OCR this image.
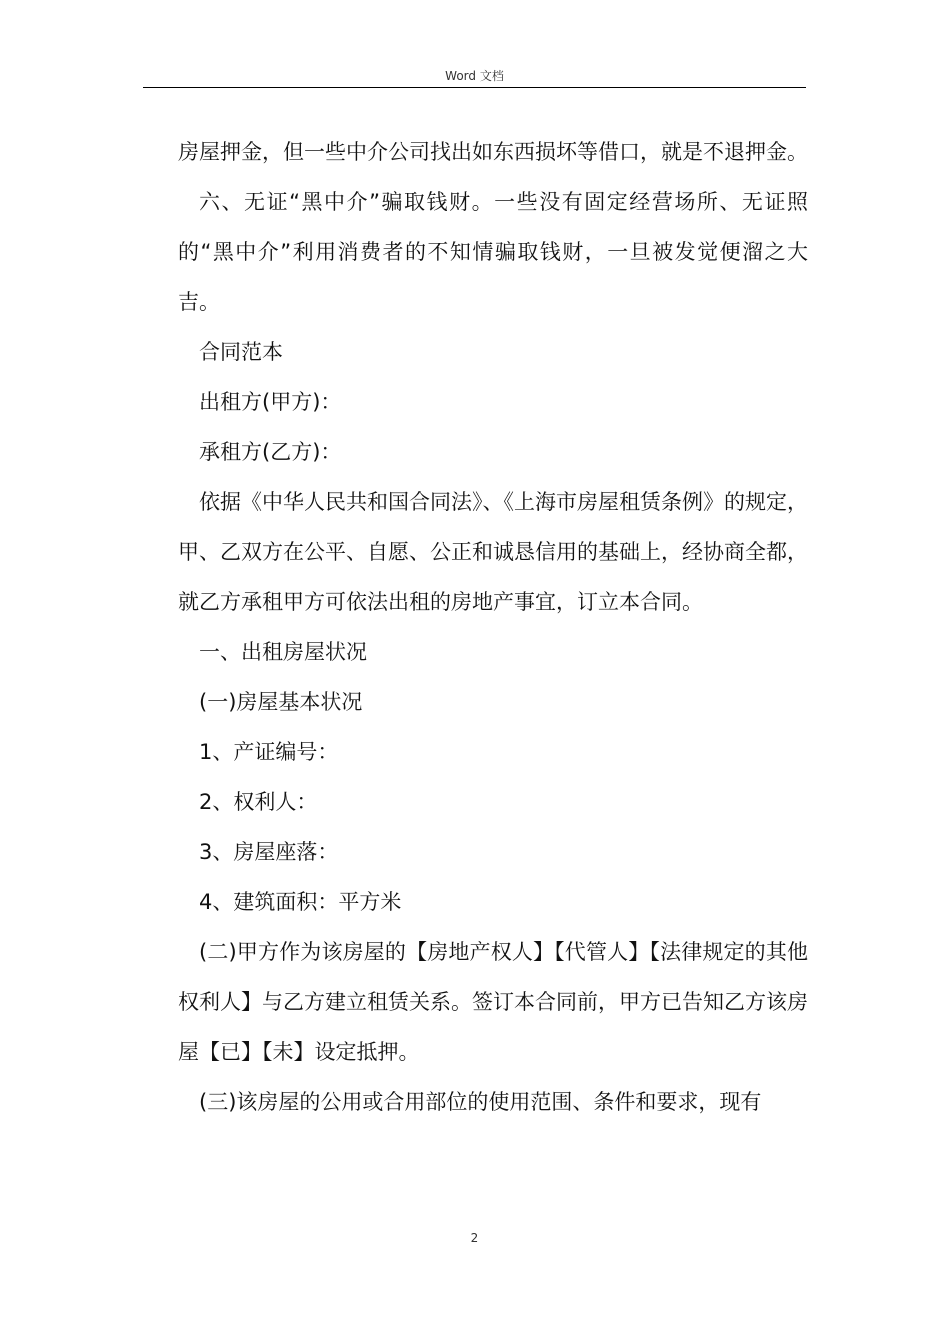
Word 文档

房屋押金，但一些中介公司找出如东西损坏等借口，就是不退押金。

六、无证“黑中介”骗取钱财。一些没有固定经营场所、无证照的“黑中介”利用消费者的不知情骗取钱财，一旦被发觉便溜之大吉。

合同范本

出租方(甲方)：

承租方(乙方)：

依据《中华人民共和国合同法》、《上海市房屋租赁条例》的规定，甲、乙双方在公平、自愿、公正和诚恳信用的基础上，经协商全都，就乙方承租甲方可依法出租的房地产事宜，订立本合同。

一、出租房屋状况

(一)房屋基本状况

1、产证编号：

2、权利人：

3、房屋座落：

4、建筑面积：平方米

(二)甲方作为该房屋的【房地产权人】【代管人】【法律规定的其他权利人】与乙方建立租赁关系。签订本合同前，甲方已告知乙方该房屋【已】【未】设定抵押。

(三)该房屋的公用或合用部位的使用范围、条件和要求，现有

2
